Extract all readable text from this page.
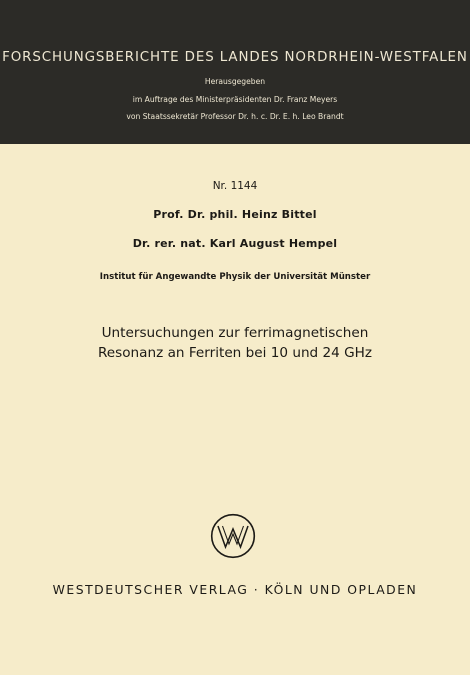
FORSCHUNGSBERICHTE DES LANDES NORDRHEIN-WESTFALEN
Herausgegeben
im Auftrage des Ministerpräsidenten Dr. Franz Meyers
von Staatssekretär Professor Dr. h. c. Dr. E. h. Leo Brandt
Nr. 1144
Prof. Dr. phil. Heinz Bittel
Dr. rer. nat. Karl August Hempel
Institut für Angewandte Physik der Universität Münster
Untersuchungen zur ferrimagnetischen
Resonanz an Ferriten bei 10 und 24 GHz
WESTDEUTSCHER VERLAG · KÖLN UND OPLADEN
